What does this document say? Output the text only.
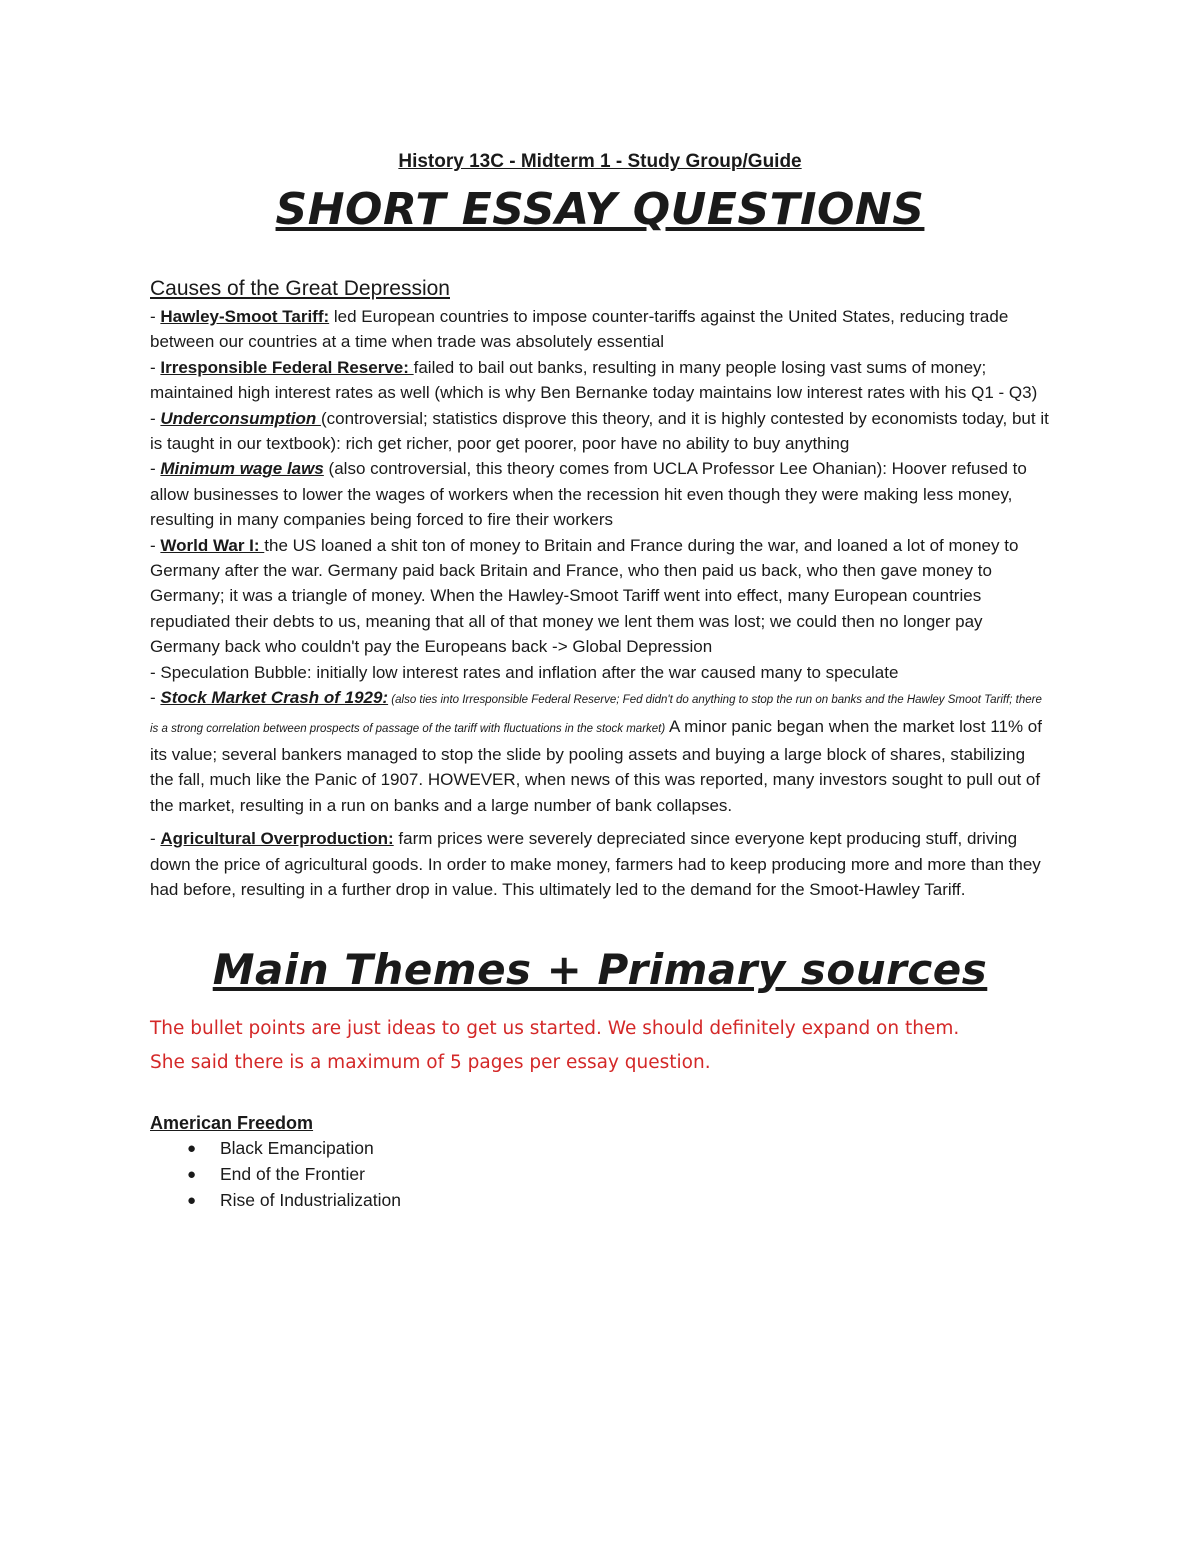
History 13C - Midterm 1 - Study Group/Guide

SHORT ESSAY QUESTIONS
Causes of the Great Depression

- Hawley-Smoot Tariff: led European countries to impose counter-tariffs against the United States, reducing trade between our countries at a time when trade was absolutely essential

- Irresponsible Federal Reserve: failed to bail out banks, resulting in many people losing vast sums of money; maintained high interest rates as well (which is why Ben Bernanke today maintains low interest rates with his Q1 - Q3)

- Underconsumption (controversial; statistics disprove this theory, and it is highly contested by economists today, but it is taught in our textbook): rich get richer, poor get poorer, poor have no ability to buy anything

- Minimum wage laws (also controversial, this theory comes from UCLA Professor Lee Ohanian): Hoover refused to allow businesses to lower the wages of workers when the recession hit even though they were making less money, resulting in many companies being forced to fire their workers

- World War I: the US loaned a shit ton of money to Britain and France during the war, and loaned a lot of money to Germany after the war. Germany paid back Britain and France, who then paid us back, who then gave money to Germany; it was a triangle of money. When the Hawley-Smoot Tariff went into effect, many European countries repudiated their debts to us, meaning that all of that money we lent them was lost; we could then no longer pay Germany back who couldn't pay the Europeans back -> Global Depression

- Speculation Bubble: initially low interest rates and inflation after the war caused many to speculate

- Stock Market Crash of 1929: (also ties into Irresponsible Federal Reserve; Fed didn't do anything to stop the run on banks and the Hawley Smoot Tariff; there is a strong correlation between prospects of passage of the tariff with fluctuations in the stock market) A minor panic began when the market lost 11% of its value; several bankers managed to stop the slide by pooling assets and buying a large block of shares, stabilizing the fall, much like the Panic of 1907. HOWEVER, when news of this was reported, many investors sought to pull out of the market, resulting in a run on banks and a large number of bank collapses.

- Agricultural Overproduction: farm prices were severely depreciated since everyone kept producing stuff, driving down the price of agricultural goods. In order to make money, farmers had to keep producing more and more than they had before, resulting in a further drop in value. This ultimately led to the demand for the Smoot-Hawley Tariff.

Main Themes + Primary sources

The bullet points are just ideas to get us started. We should definitely expand on them.
She said there is a maximum of 5 pages per essay question.

American Freedom
● Black Emancipation
● End of the Frontier
● Rise of Industrialization
